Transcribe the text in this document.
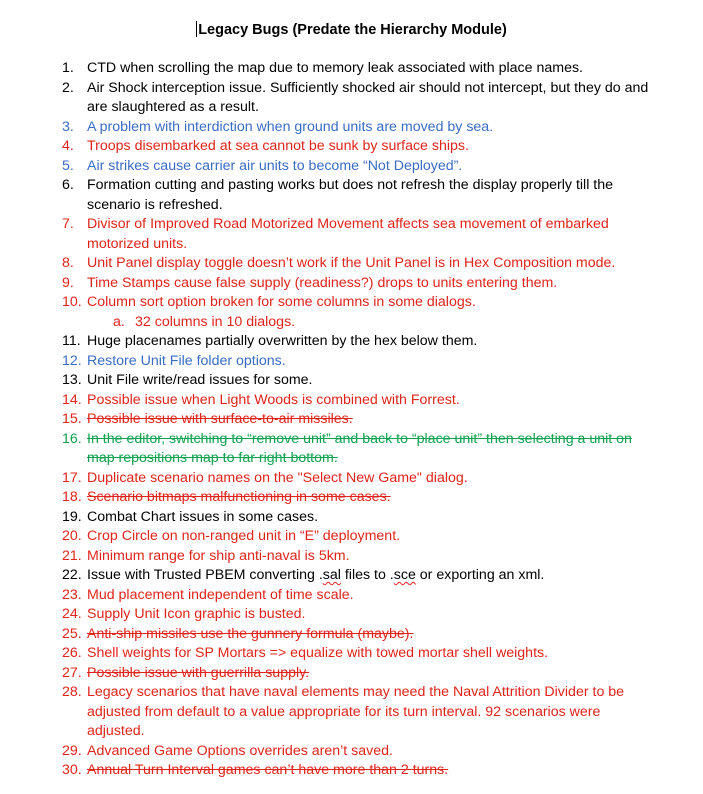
Legacy Bugs (Predate the Hierarchy Module)
1. CTD when scrolling the map due to memory leak associated with place names.
2. Air Shock interception issue. Sufficiently shocked air should not intercept, but they do and are slaughtered as a result.
3. A problem with interdiction when ground units are moved by sea.
4. Troops disembarked at sea cannot be sunk by surface ships.
5. Air strikes cause carrier air units to become “Not Deployed”.
6. Formation cutting and pasting works but does not refresh the display properly till the scenario is refreshed.
7. Divisor of Improved Road Motorized Movement affects sea movement of embarked motorized units.
8. Unit Panel display toggle doesn’t work if the Unit Panel is in Hex Composition mode.
9. Time Stamps cause false supply (readiness?) drops to units entering them.
10. Column sort option broken for some columns in some dialogs.
a. 32 columns in 10 dialogs.
11. Huge placenames partially overwritten by the hex below them.
12. Restore Unit File folder options.
13. Unit File write/read issues for some.
14. Possible issue when Light Woods is combined with Forrest.
15. Possible issue with surface-to-air missiles.
16. In the editor, switching to “remove unit” and back to “place unit” then selecting a unit on map repositions map to far right bottom.
17. Duplicate scenario names on the "Select New Game" dialog.
18. Scenario bitmaps malfunctioning in some cases.
19. Combat Chart issues in some cases.
20. Crop Circle on non-ranged unit in “E” deployment.
21. Minimum range for ship anti-naval is 5km.
22. Issue with Trusted PBEM converting .sal files to .sce or exporting an xml.
23. Mud placement independent of time scale.
24. Supply Unit Icon graphic is busted.
25. Anti-ship missiles use the gunnery formula (maybe).
26. Shell weights for SP Mortars => equalize with towed mortar shell weights.
27. Possible issue with guerrilla supply.
28. Legacy scenarios that have naval elements may need the Naval Attrition Divider to be adjusted from default to a value appropriate for its turn interval. 92 scenarios were adjusted.
29. Advanced Game Options overrides aren’t saved.
30. Annual Turn Interval games can’t have more than 2 turns.
